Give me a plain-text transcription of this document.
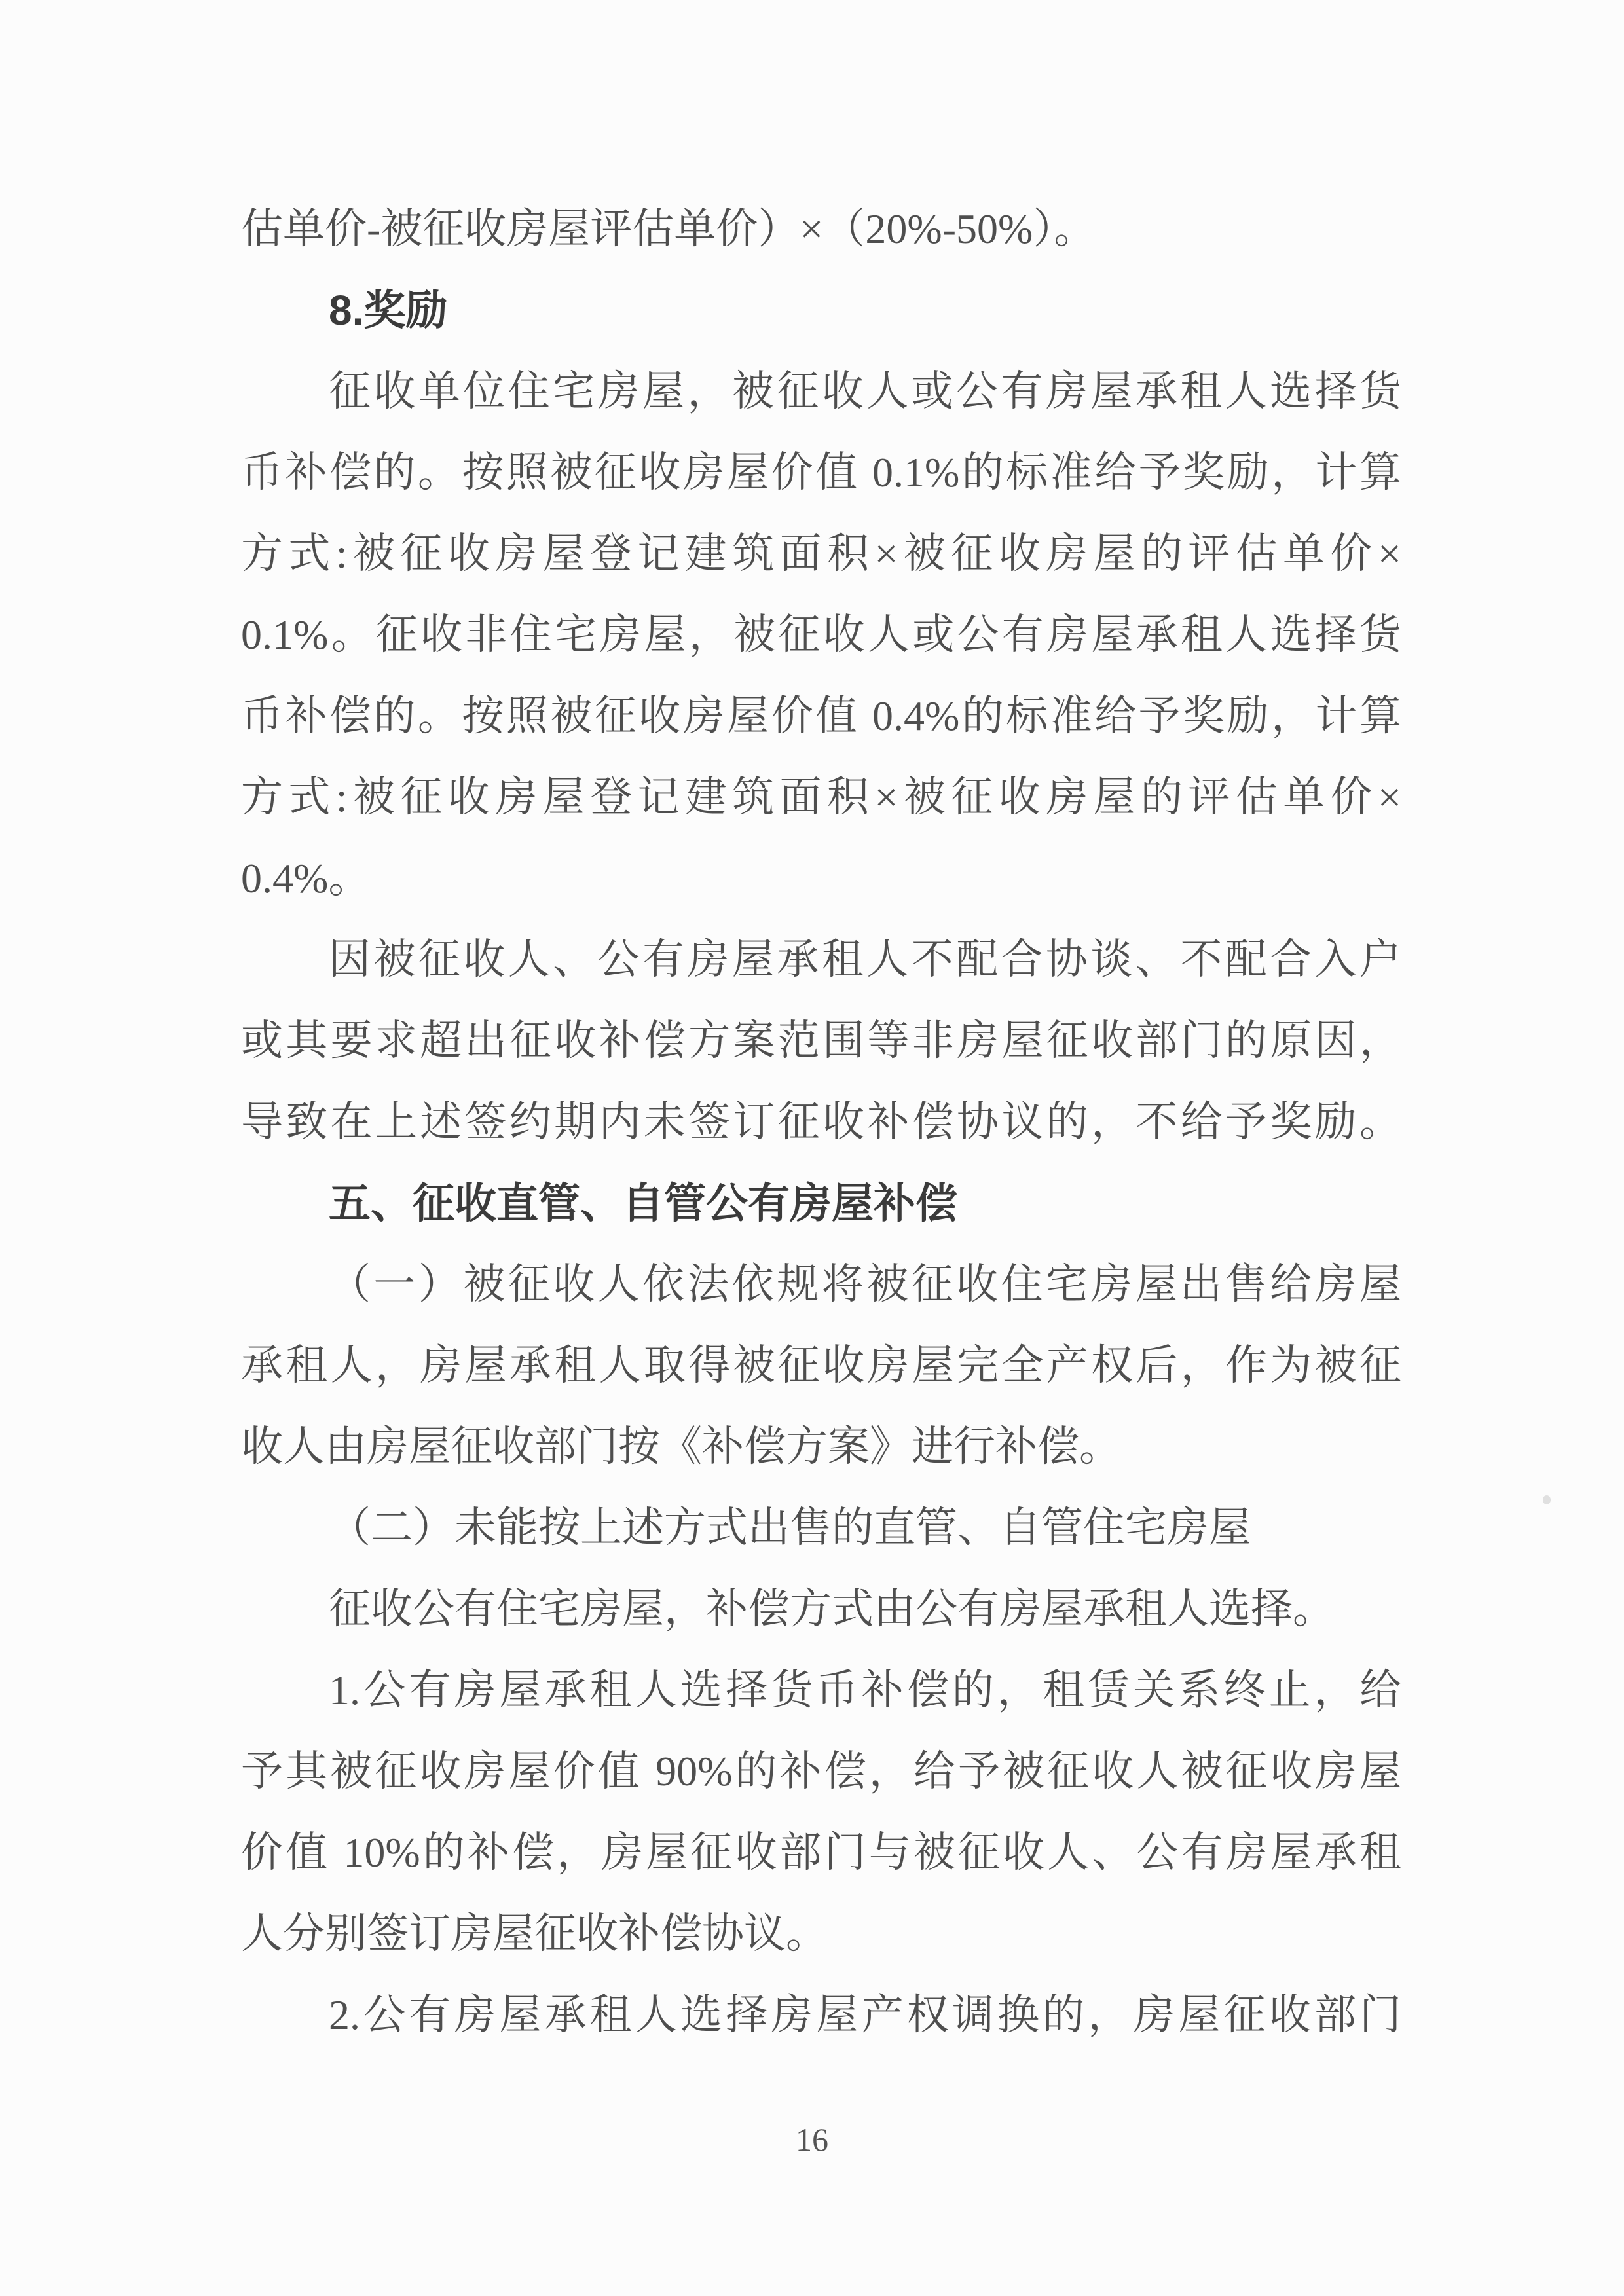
估单价-被征收房屋评估单价）×（20%-50%）。
8.奖励
征收单位住宅房屋，被征收人或公有房屋承租人选择货
币补偿的。按照被征收房屋价值 0.1%的标准给予奖励，计算
方式:被征收房屋登记建筑面积×被征收房屋的评估单价×
0.1%。征收非住宅房屋，被征收人或公有房屋承租人选择货
币补偿的。按照被征收房屋价值 0.4%的标准给予奖励，计算
方式:被征收房屋登记建筑面积×被征收房屋的评估单价×
0.4%。
因被征收人、公有房屋承租人不配合协谈、不配合入户
或其要求超出征收补偿方案范围等非房屋征收部门的原因，
导致在上述签约期内未签订征收补偿协议的，不给予奖励。
五、征收直管、自管公有房屋补偿
（一）被征收人依法依规将被征收住宅房屋出售给房屋
承租人，房屋承租人取得被征收房屋完全产权后，作为被征
收人由房屋征收部门按《补偿方案》进行补偿。
（二）未能按上述方式出售的直管、自管住宅房屋
征收公有住宅房屋，补偿方式由公有房屋承租人选择。
1.公有房屋承租人选择货币补偿的，租赁关系终止，给
予其被征收房屋价值 90%的补偿，给予被征收人被征收房屋
价值 10%的补偿，房屋征收部门与被征收人、公有房屋承租
人分别签订房屋征收补偿协议。
2.公有房屋承租人选择房屋产权调换的，房屋征收部门
16
